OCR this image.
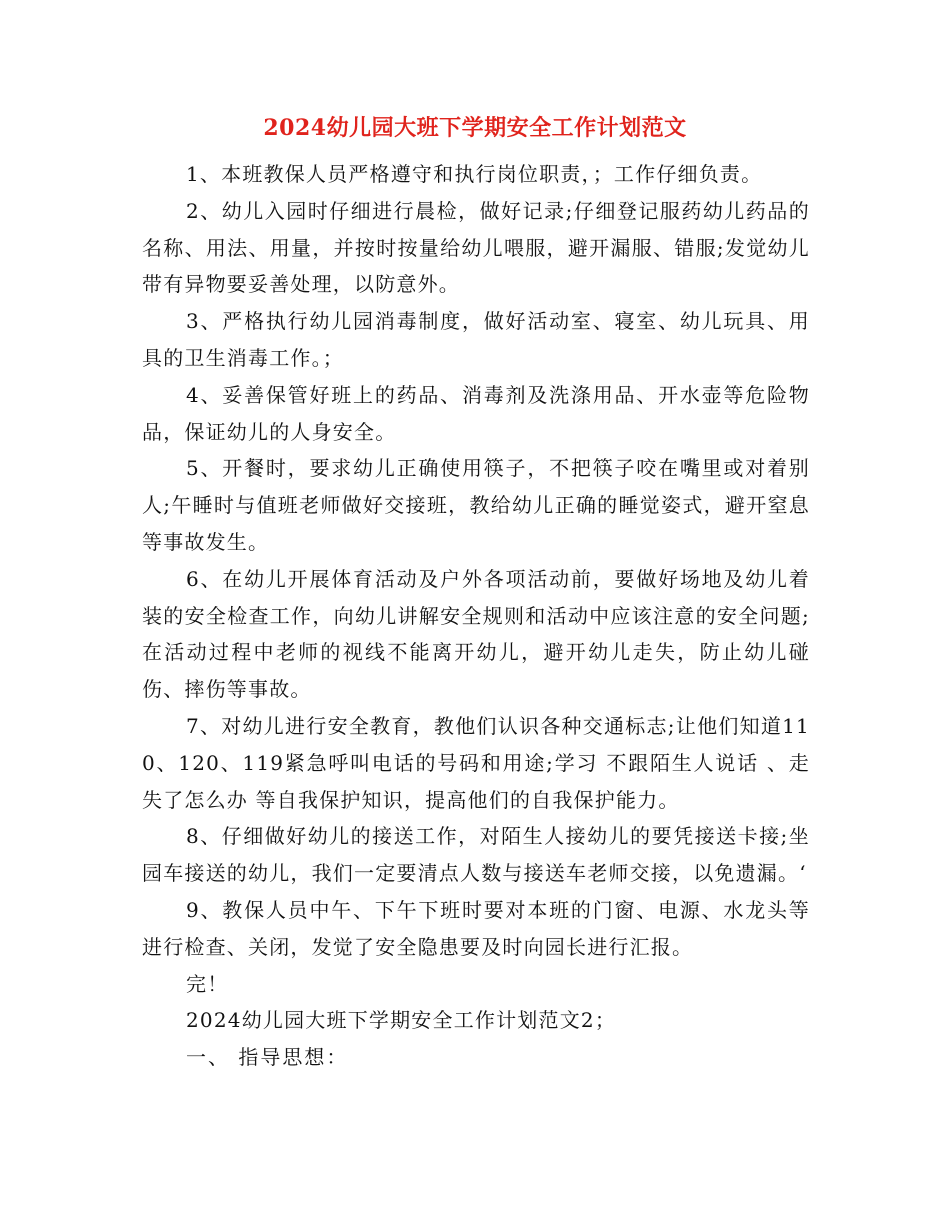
2024幼儿园大班下学期安全工作计划范文

1、本班教保人员严格遵守和执行岗位职责，；工作仔细负责。

2、幼儿入园时仔细进行晨检，做好记录;仔细登记服药幼儿药品的名称、用法、用量，并按时按量给幼儿喂服，避开漏服、错服;发觉幼儿带有异物要妥善处理，以防意外。

3、严格执行幼儿园消毒制度，做好活动室、寝室、幼儿玩具、用具的卫生消毒工作。；

4、妥善保管好班上的药品、消毒剂及洗涤用品、开水壶等危险物品，保证幼儿的人身安全。

5、开餐时，要求幼儿正确使用筷子，不把筷子咬在嘴里或对着别人;午睡时与值班老师做好交接班，教给幼儿正确的睡觉姿式，避开窒息等事故发生。

6、在幼儿开展体育活动及户外各项活动前，要做好场地及幼儿着装的安全检查工作，向幼儿讲解安全规则和活动中应该注意的安全问题;在活动过程中老师的视线不能离开幼儿，避开幼儿走失，防止幼儿碰伤、摔伤等事故。

7、对幼儿进行安全教育，教他们认识各种交通标志;让他们知道110、120、119紧急呼叫电话的号码和用途;学习 不跟陌生人说话 、走失了怎么办 等自我保护知识，提高他们的自我保护能力。

8、仔细做好幼儿的接送工作，对陌生人接幼儿的要凭接送卡接;坐园车接送的幼儿，我们一定要清点人数与接送车老师交接，以免遗漏。‘

9、教保人员中午、下午下班时要对本班的门窗、电源、水龙头等进行检查、关闭，发觉了安全隐患要及时向园长进行汇报。

完！

2024幼儿园大班下学期安全工作计划范文2；

一、 指导思想：
